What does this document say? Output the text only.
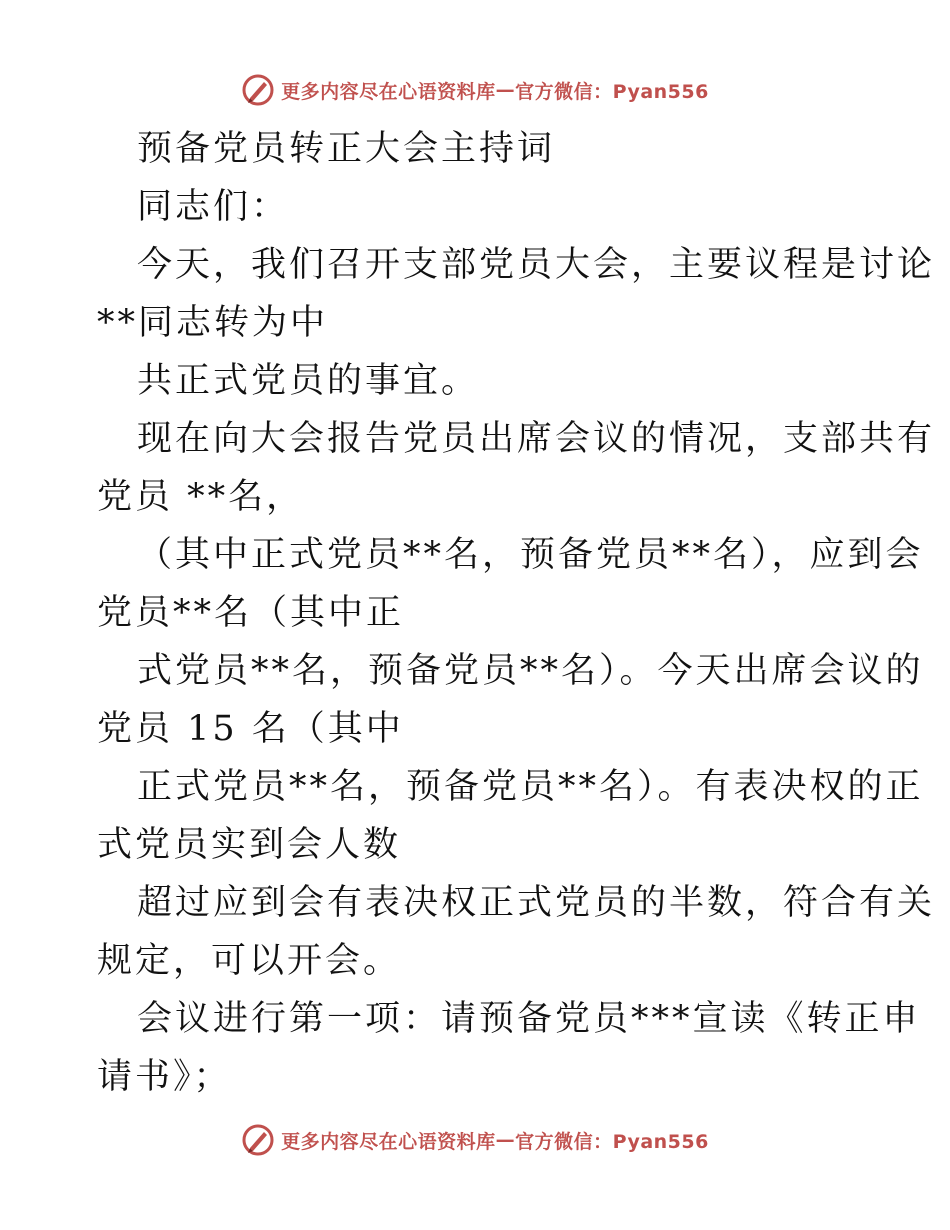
更多内容尽在心语资料库 — 官方微信：Pyan556
预备党员转正大会主持词
同志们：
今天，我们召开支部党员大会，主要议程是讨论
**同志转为中
共正式党员的事宜。
现在向大会报告党员出席会议的情况，支部共有
党员 **名，
（其中正式党员**名，预备党员**名），应到会
党员**名（其中正
式党员**名，预备党员**名）。今天出席会议的
党员 15 名（其中
正式党员**名，预备党员**名）。有表决权的正
式党员实到会人数
超过应到会有表决权正式党员的半数，符合有关
规定，可以开会。
会议进行第一项：请预备党员***宣读《转正申
请书》；
更多内容尽在心语资料库 — 官方微信：Pyan556
